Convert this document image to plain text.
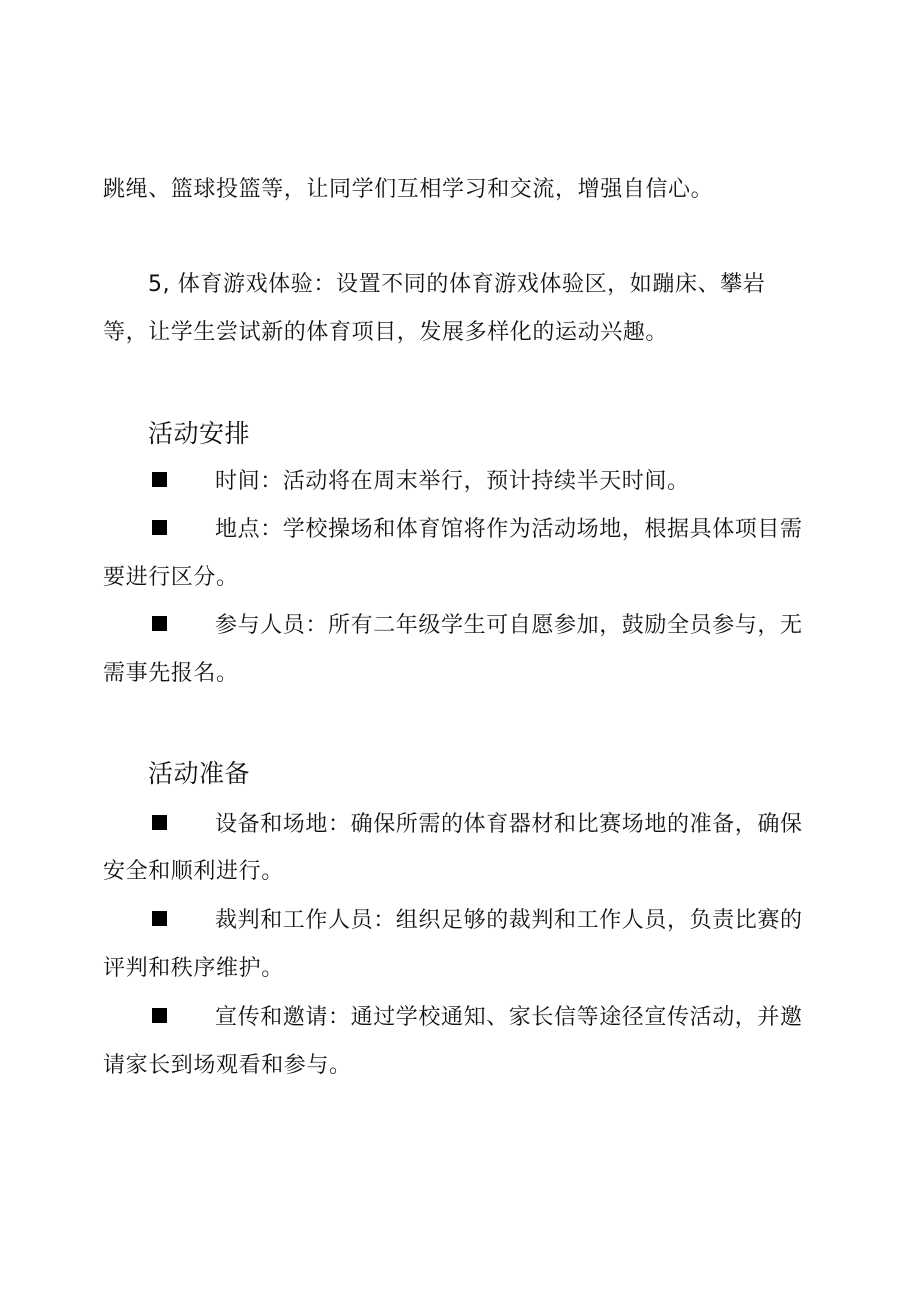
跳绳、篮球投篮等，让同学们互相学习和交流，增强自信心。
5, 体育游戏体验：设置不同的体育游戏体验区，如蹦床、攀岩
等，让学生尝试新的体育项目，发展多样化的运动兴趣。
活动安排
时间：活动将在周末举行，预计持续半天时间。
地点：学校操场和体育馆将作为活动场地，根据具体项目需
要进行区分。
参与人员：所有二年级学生可自愿参加，鼓励全员参与，无
需事先报名。
活动准备
设备和场地：确保所需的体育器材和比赛场地的准备，确保
安全和顺利进行。
裁判和工作人员：组织足够的裁判和工作人员，负责比赛的
评判和秩序维护。
宣传和邀请：通过学校通知、家长信等途径宣传活动，并邀
请家长到场观看和参与。
